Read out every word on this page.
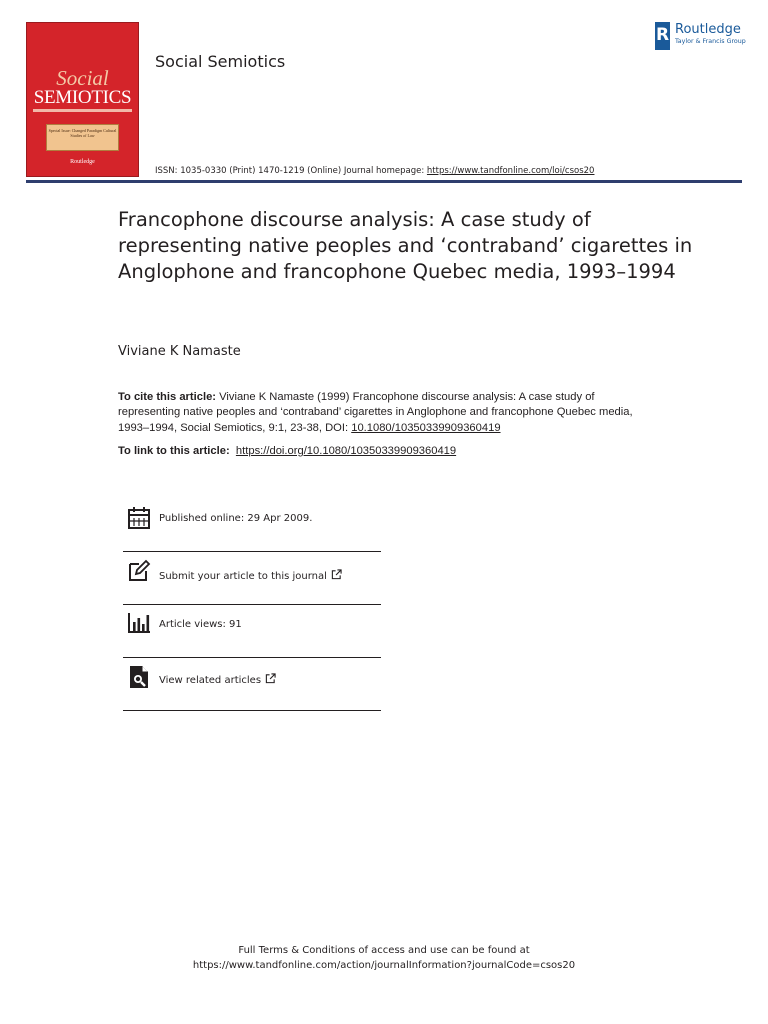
Social
SEMIOTICS
Special Issue: Changed Paradigm Cultural Studies of Law
Routledge
Social Semiotics
R Routledge
Taylor & Francis Group
ISSN: 1035-0330 (Print) 1470-1219 (Online) Journal homepage: https://www.tandfonline.com/loi/csos20
Francophone discourse analysis: A case study of representing native peoples and ‘contraband’ cigarettes in Anglophone and francophone Quebec media, 1993–1994
Viviane K Namaste
To cite this article: Viviane K Namaste (1999) Francophone discourse analysis: A case study of representing native peoples and ‘contraband’ cigarettes in Anglophone and francophone Quebec media, 1993–1994, Social Semiotics, 9:1, 23-38, DOI: 10.1080/10350339909360419
To link to this article: https://doi.org/10.1080/10350339909360419
Published online: 29 Apr 2009.
Submit your article to this journal
Article views: 91
View related articles
Full Terms & Conditions of access and use can be found at
https://www.tandfonline.com/action/journalInformation?journalCode=csos20
